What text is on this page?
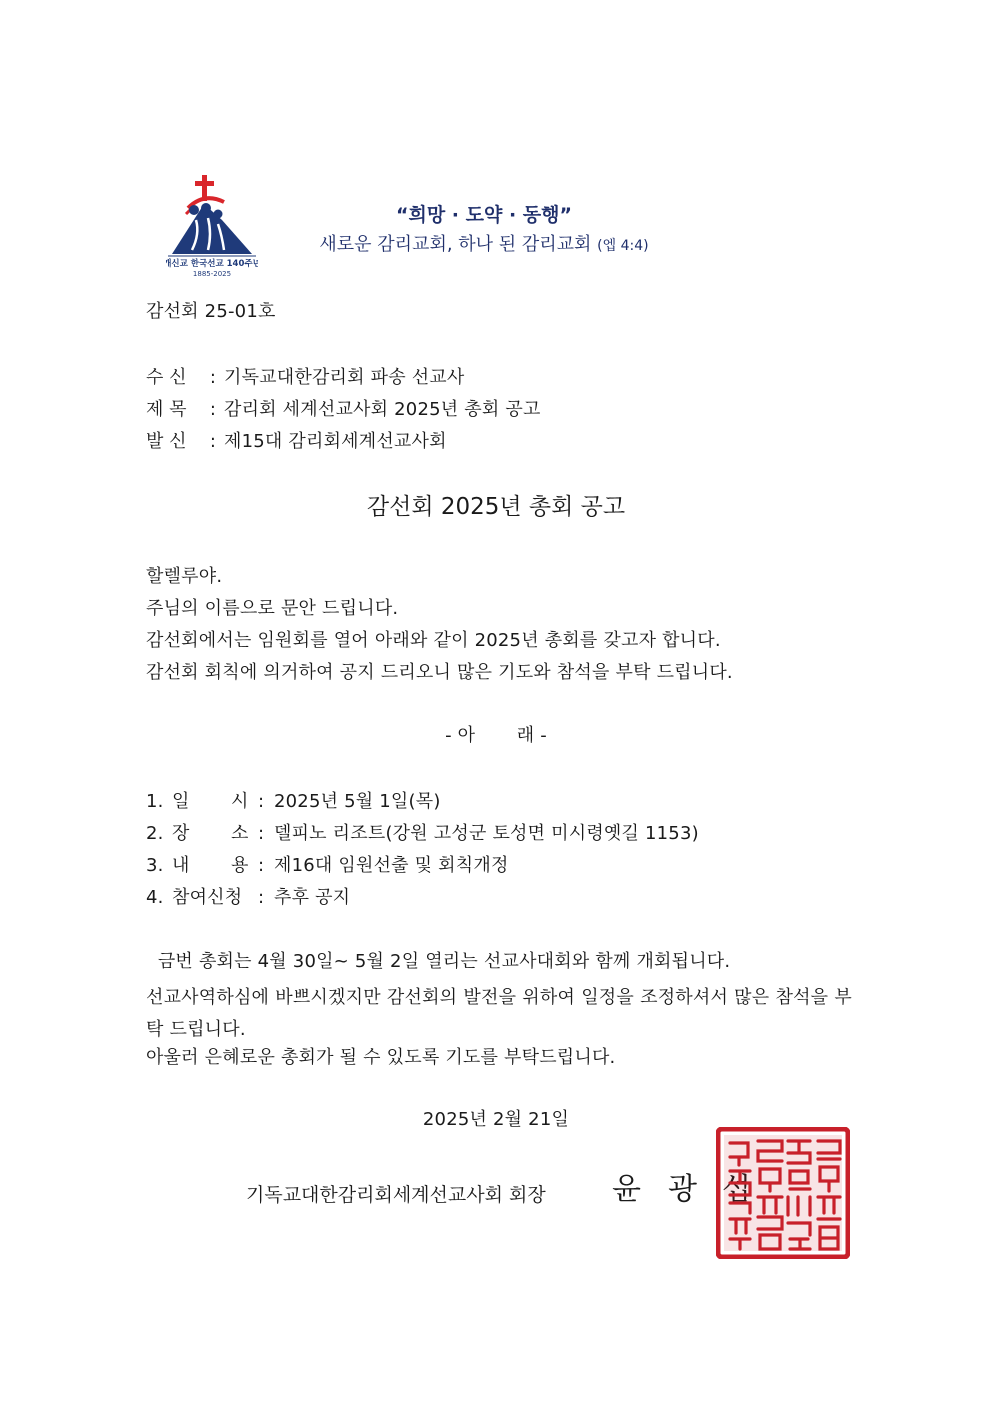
개신교 한국선교 140주년
1885-2025
“희망 · 도약 · 동행”
새로운 감리교회, 하나 된 감리교회 (엡 4:4)
감선회 25-01호
수 신 : 기독교대한감리회 파송 선교사
제 목 : 감리회 세계선교사회 2025년 총회 공고
발 신 : 제15대 감리회세계선교사회
감선회 2025년 총회 공고
할렐루야.
주님의 이름으로 문안 드립니다.
감선회에서는 임원회를 열어 아래와 같이 2025년 총회를 갖고자 합니다.
감선회 회칙에 의거하여 공지 드리오니 많은 기도와 참석을 부탁 드립니다.
- 아       래 -
1. 일       시 : 2025년 5월 1일(목)
2. 장       소 : 델피노 리조트(강원 고성군 토성면 미시령옛길 1153)
3. 내       용 : 제16대 임원선출 및 회칙개정
4. 참여신청 : 추후 공지
금번 총회는 4월 30일~ 5월 2일 열리는 선교사대회와 함께 개회됩니다.
선교사역하심에 바쁘시겠지만 감선회의 발전을 위하여 일정을 조정하셔서 많은 참석을 부탁 드립니다.
아울러 은혜로운 총회가 될 수 있도록 기도를 부탁드립니다.
2025년 2월 21일
기독교대한감리회세계선교사회 회장 윤 광 섭
